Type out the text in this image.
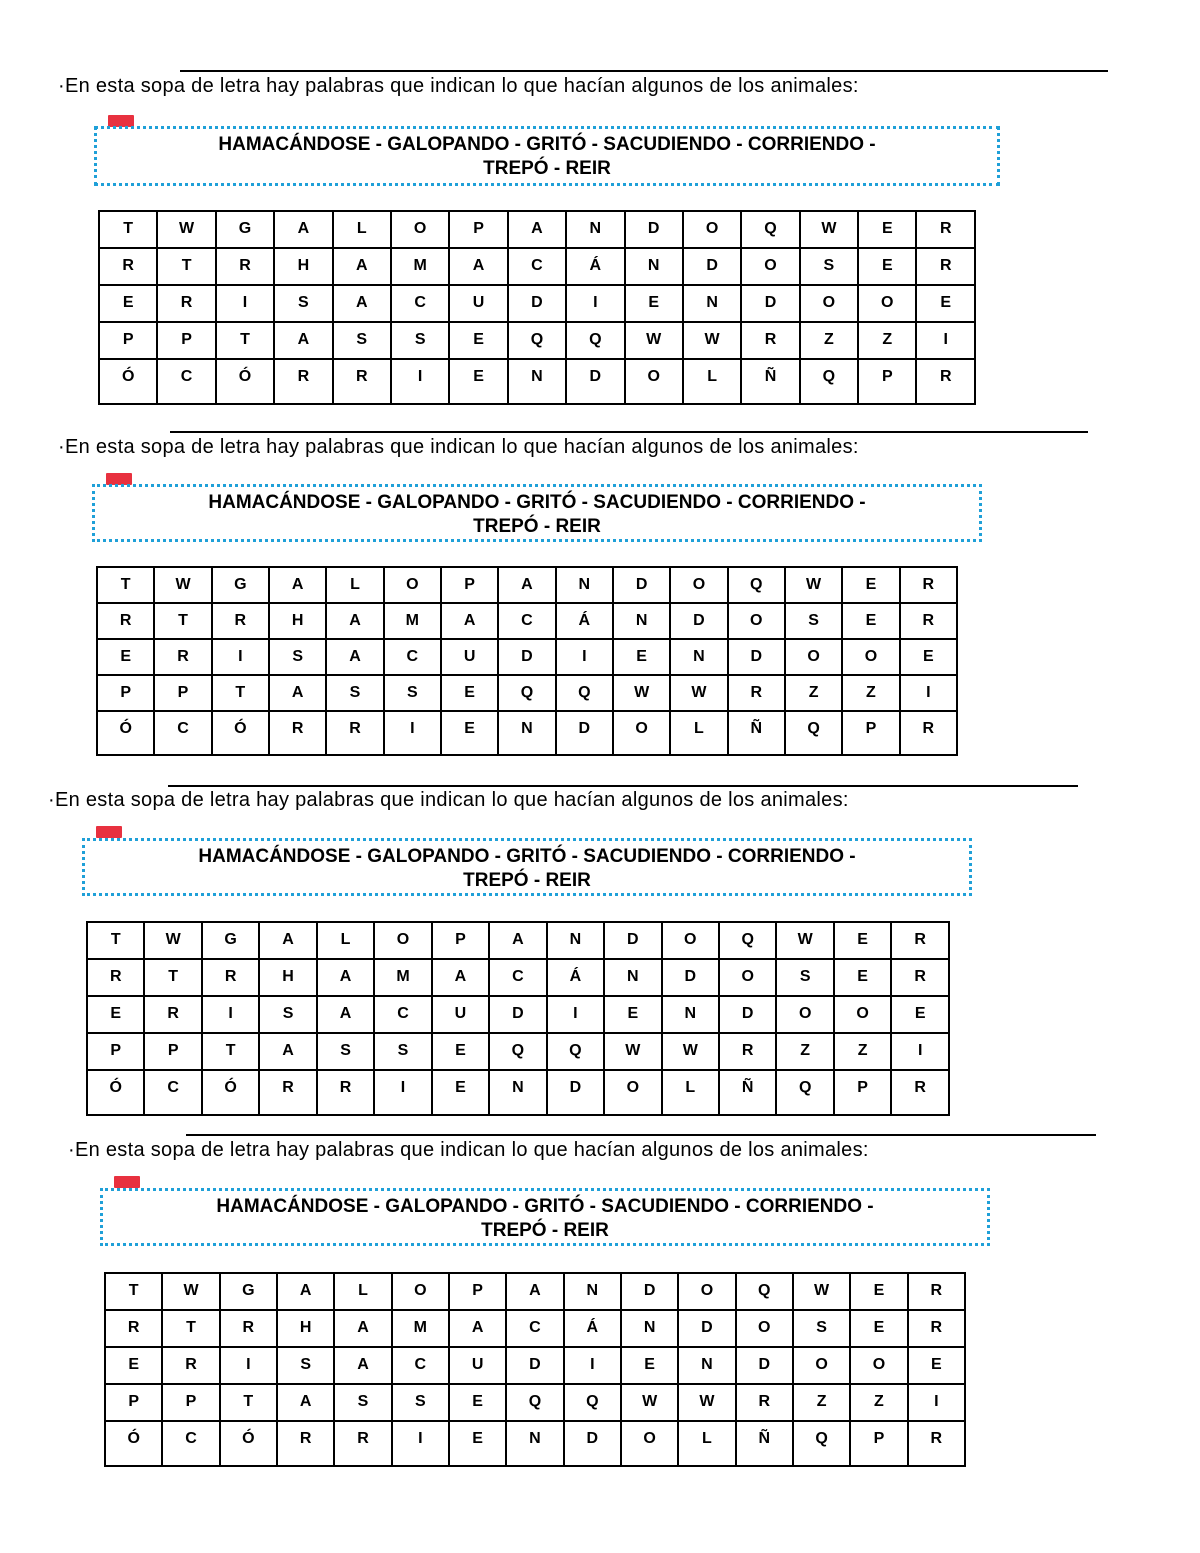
·En esta sopa de letra hay palabras que indican lo que hacían algunos de los animales:
HAMACÁNDOSE - GALOPANDO - GRITÓ - SACUDIENDO - CORRIENDO -
TREPÓ - REIR
T	W	G	A	L	O	P	A	N	D	O	Q	W	E	R
R	T	R	H	A	M	A	C	Á	N	D	O	S	E	R
E	R	I	S	A	C	U	D	I	E	N	D	O	O	E
P	P	T	A	S	S	E	Q	Q	W	W	R	Z	Z	I
Ó	C	Ó	R	R	I	E	N	D	O	L	Ñ	Q	P	R
·En esta sopa de letra hay palabras que indican lo que hacían algunos de los animales:
HAMACÁNDOSE - GALOPANDO - GRITÓ - SACUDIENDO - CORRIENDO -
TREPÓ - REIR
T	W	G	A	L	O	P	A	N	D	O	Q	W	E	R
R	T	R	H	A	M	A	C	Á	N	D	O	S	E	R
E	R	I	S	A	C	U	D	I	E	N	D	O	O	E
P	P	T	A	S	S	E	Q	Q	W	W	R	Z	Z	I
Ó	C	Ó	R	R	I	E	N	D	O	L	Ñ	Q	P	R
·En esta sopa de letra hay palabras que indican lo que hacían algunos de los animales:
HAMACÁNDOSE - GALOPANDO - GRITÓ - SACUDIENDO - CORRIENDO -
TREPÓ - REIR
T	W	G	A	L	O	P	A	N	D	O	Q	W	E	R
R	T	R	H	A	M	A	C	Á	N	D	O	S	E	R
E	R	I	S	A	C	U	D	I	E	N	D	O	O	E
P	P	T	A	S	S	E	Q	Q	W	W	R	Z	Z	I
Ó	C	Ó	R	R	I	E	N	D	O	L	Ñ	Q	P	R
·En esta sopa de letra hay palabras que indican lo que hacían algunos de los animales:
HAMACÁNDOSE - GALOPANDO - GRITÓ - SACUDIENDO - CORRIENDO -
TREPÓ - REIR
T	W	G	A	L	O	P	A	N	D	O	Q	W	E	R
R	T	R	H	A	M	A	C	Á	N	D	O	S	E	R
E	R	I	S	A	C	U	D	I	E	N	D	O	O	E
P	P	T	A	S	S	E	Q	Q	W	W	R	Z	Z	I
Ó	C	Ó	R	R	I	E	N	D	O	L	Ñ	Q	P	R
